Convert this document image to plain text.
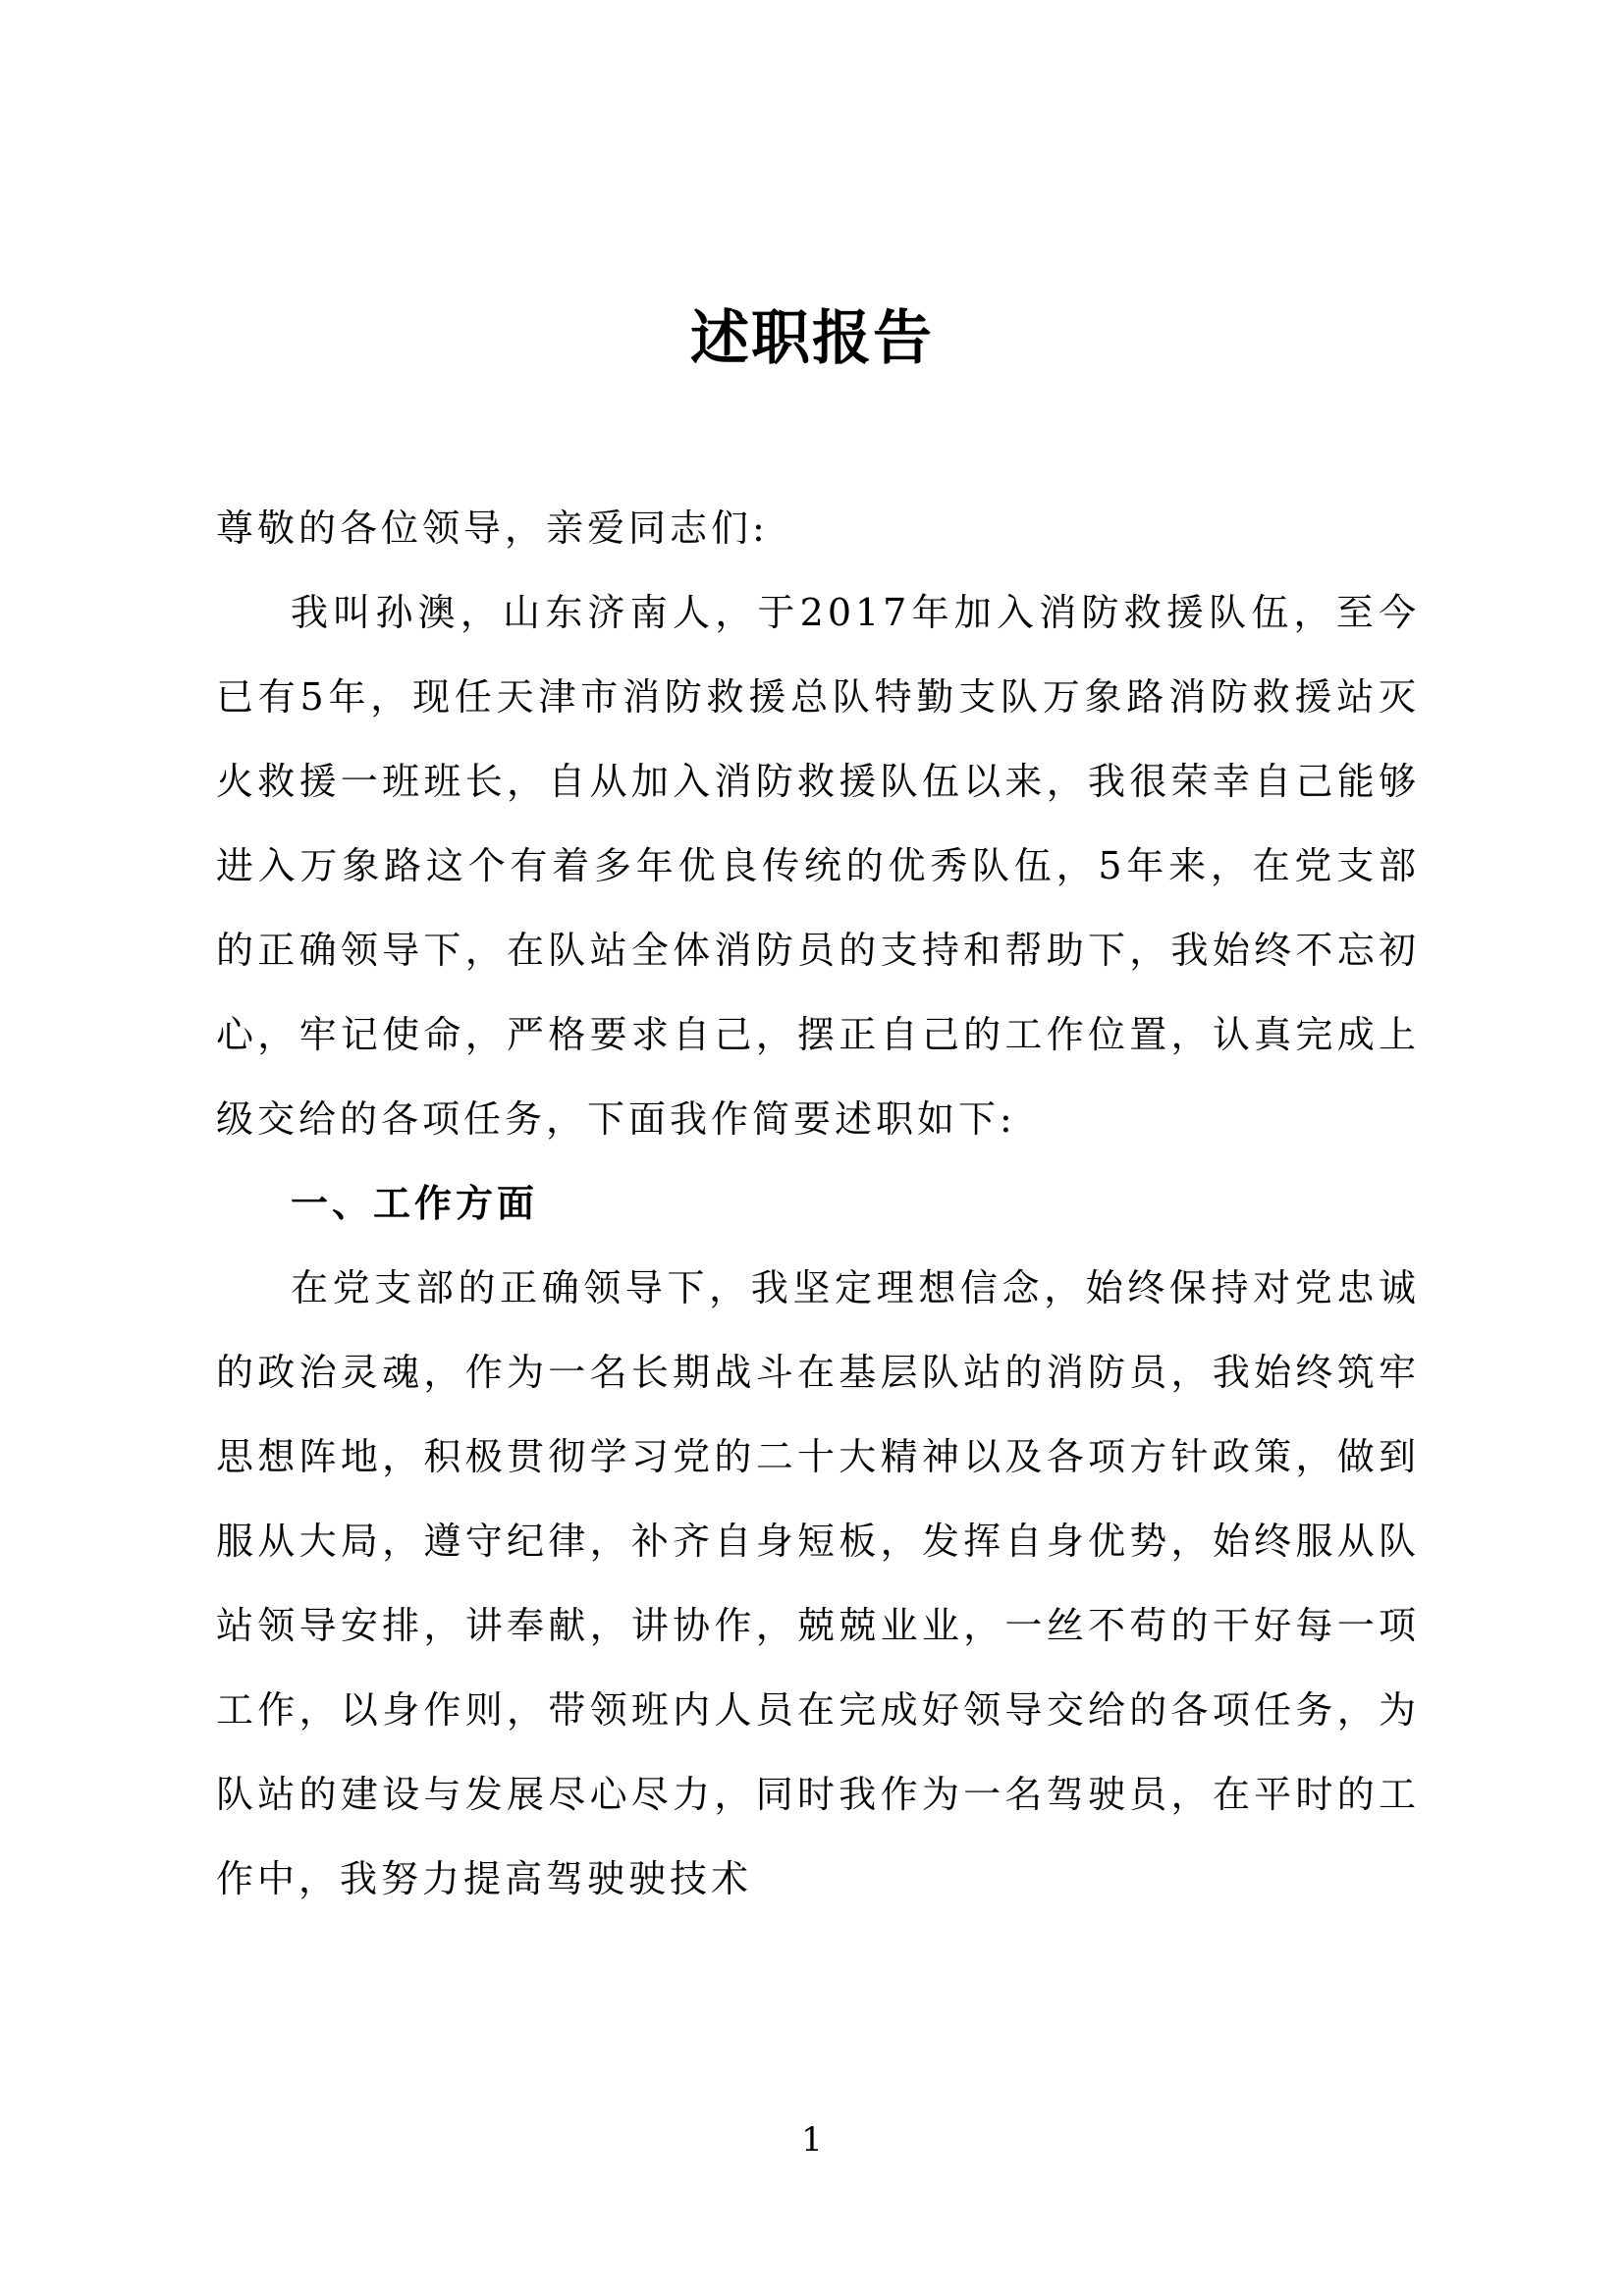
述职报告

尊敬的各位领导，亲爱同志们:

我叫孙澳，山东济南人，于2017年加入消防救援队伍，至今已有5年，现任天津市消防救援总队特勤支队万象路消防救援站灭火救援一班班长，自从加入消防救援队伍以来，我很荣幸自己能够进入万象路这个有着多年优良传统的优秀队伍，5年来，在党支部的正确领导下，在队站全体消防员的支持和帮助下，我始终不忘初心，牢记使命，严格要求自己，摆正自己的工作位置，认真完成上级交给的各项任务，下面我作简要述职如下:

一、工作方面

在党支部的正确领导下，我坚定理想信念，始终保持对党忠诚的政治灵魂，作为一名长期战斗在基层队站的消防员，我始终筑牢思想阵地，积极贯彻学习党的二十大精神以及各项方针政策，做到服从大局，遵守纪律，补齐自身短板，发挥自身优势，始终服从队站领导安排，讲奉献，讲协作，兢兢业业，一丝不苟的干好每一项工作，以身作则，带领班内人员在完成好领导交给的各项任务，为队站的建设与发展尽心尽力，同时我作为一名驾驶员，在平时的工作中，我努力提高驾驶驶技术

1
